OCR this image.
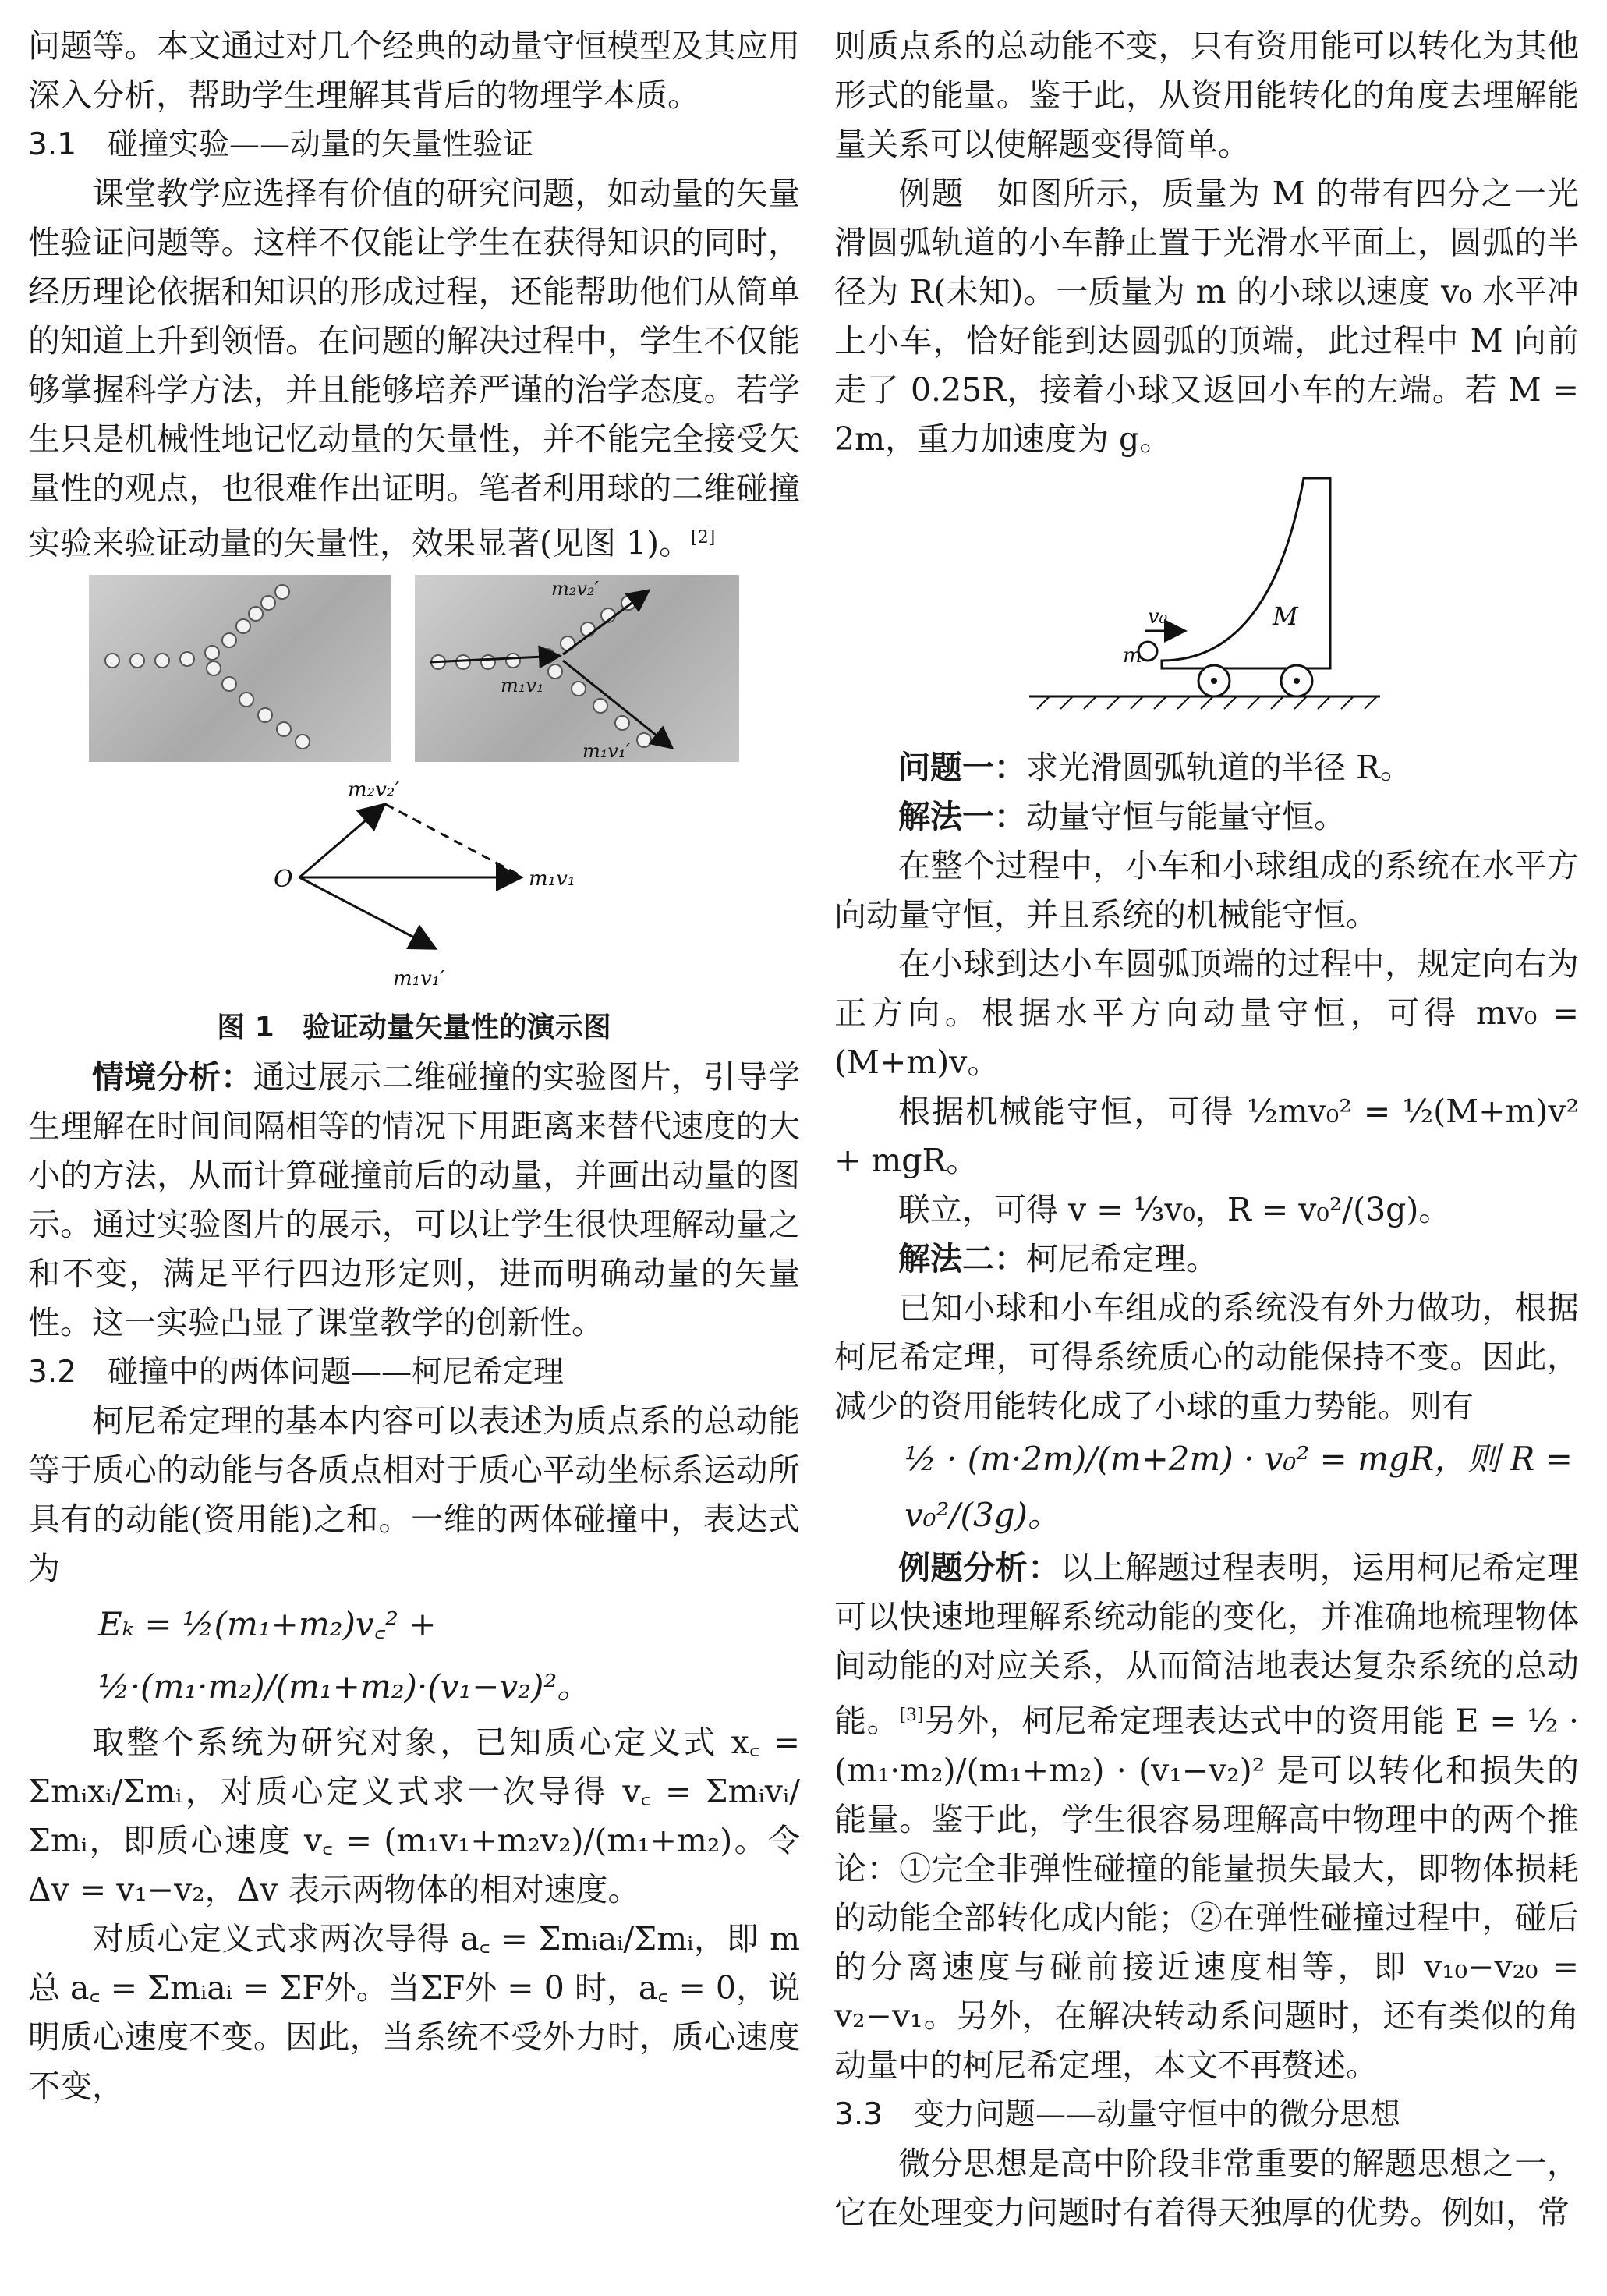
问题等。本文通过对几个经典的动量守恒模型及其应用深入分析，帮助学生理解其背后的物理学本质。

3.1 碰撞实验——动量的矢量性验证

课堂教学应选择有价值的研究问题，如动量的矢量性验证问题等。这样不仅能让学生在获得知识的同时，经历理论依据和知识的形成过程，还能帮助他们从简单的知道上升到领悟。在问题的解决过程中，学生不仅能够掌握科学方法，并且能够培养严谨的治学态度。若学生只是机械性地记忆动量的矢量性，并不能完全接受矢量性的观点，也很难作出证明。笔者利用球的二维碰撞实验来验证动量的矢量性，效果显著(见图 1)。[2]

m₂v₂′
m₁v₁
m₁v₁′
O
m₂v₂′
m₁v₁
m₁v₁′

图 1　验证动量矢量性的演示图

情境分析：通过展示二维碰撞的实验图片，引导学生理解在时间间隔相等的情况下用距离来替代速度的大小的方法，从而计算碰撞前后的动量，并画出动量的图示。通过实验图片的展示，可以让学生很快理解动量之和不变，满足平行四边形定则，进而明确动量的矢量性。这一实验凸显了课堂教学的创新性。

3.2 碰撞中的两体问题——柯尼希定理

柯尼希定理的基本内容可以表述为质点系的总动能等于质心的动能与各质点相对于质心平动坐标系运动所具有的动能(资用能)之和。一维的两体碰撞中，表达式为

Eₖ = ½(m₁+m₂)v꜀² + ½·(m₁·m₂)/(m₁+m₂)·(v₁−v₂)²。

取整个系统为研究对象，已知质心定义式 x꜀ = Σmᵢxᵢ/Σmᵢ，对质心定义式求一次导得 v꜀ = Σmᵢvᵢ/Σmᵢ，即质心速度 v꜀ = (m₁v₁+m₂v₂)/(m₁+m₂)。令 Δv = v₁−v₂，Δv 表示两物体的相对速度。

对质心定义式求两次导得 a꜀ = Σmᵢaᵢ/Σmᵢ，即 m总 a꜀ = Σmᵢaᵢ = ΣF外。当ΣF外 = 0 时，a꜀ = 0，说明质心速度不变。因此，当系统不受外力时，质心速度不变，

则质点系的总动能不变，只有资用能可以转化为其他形式的能量。鉴于此，从资用能转化的角度去理解能量关系可以使解题变得简单。

例题　如图所示，质量为 M 的带有四分之一光滑圆弧轨道的小车静止置于光滑水平面上，圆弧的半径为 R(未知)。一质量为 m 的小球以速度 v₀ 水平冲上小车，恰好能到达圆弧的顶端，此过程中 M 向前走了 0.25R，接着小球又返回小车的左端。若 M = 2m，重力加速度为 g。

v₀
m
M

问题一：求光滑圆弧轨道的半径 R。

解法一：动量守恒与能量守恒。

在整个过程中，小车和小球组成的系统在水平方向动量守恒，并且系统的机械能守恒。

在小球到达小车圆弧顶端的过程中，规定向右为正方向。根据水平方向动量守恒，可得 mv₀ = (M+m)v。

根据机械能守恒，可得 ½mv₀² = ½(M+m)v² + mgR。

联立，可得 v = ⅓v₀，R = v₀²/(3g)。

解法二：柯尼希定理。

已知小球和小车组成的系统没有外力做功，根据柯尼希定理，可得系统质心的动能保持不变。因此，减少的资用能转化成了小球的重力势能。则有

½ · (m·2m)/(m+2m) · v₀² = mgR，则 R = v₀²/(3g)。

例题分析：以上解题过程表明，运用柯尼希定理可以快速地理解系统动能的变化，并准确地梳理物体间动能的对应关系，从而简洁地表达复杂系统的总动能。[3]另外，柯尼希定理表达式中的资用能 E = ½ · (m₁·m₂)/(m₁+m₂) · (v₁−v₂)² 是可以转化和损失的能量。鉴于此，学生很容易理解高中物理中的两个推论：①完全非弹性碰撞的能量损失最大，即物体损耗的动能全部转化成内能；②在弹性碰撞过程中，碰后的分离速度与碰前接近速度相等，即 v₁₀−v₂₀ = v₂−v₁。另外，在解决转动系问题时，还有类似的角动量中的柯尼希定理，本文不再赘述。

3.3 变力问题——动量守恒中的微分思想

微分思想是高中阶段非常重要的解题思想之一，它在处理变力问题时有着得天独厚的优势。例如，常
